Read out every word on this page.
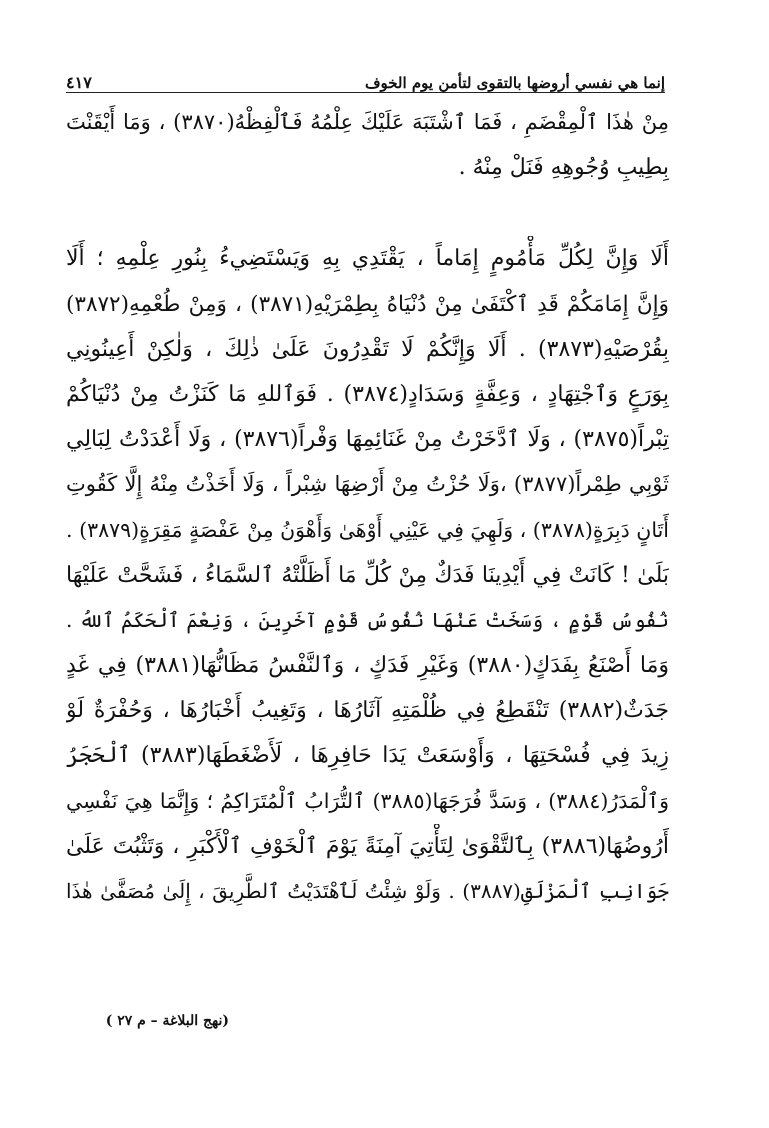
إنما هي نفسي أروضها بالتقوى لتأمن يوم الخوف
٤١٧
مِنْ هٰذَا ٱلْمِقْضَمِ ، فَمَا ٱشْتَبَهَ عَلَيْكَ عِلْمُهُ فَٱلْفِظْهُ(٣٨٧٠) ، وَمَا أَيْقَنْتَ
بِطِيبِ وُجُوهِهِ فَنَلْ مِنْهُ .
أَلَا وَإِنَّ لِكُلِّ مَأْمُومٍ إِمَاماً ، يَقْتَدِي بِهِ وَيَسْتَضِيءُ بِنُورِ عِلْمِهِ ؛ أَلَا
وَإِنَّ إِمَامَكُمْ قَدِ ٱكْتَفَىٰ مِنْ دُنْيَاهُ بِطِمْرَيْهِ(٣٨٧١) ، وَمِنْ طُعْمِهِ(٣٨٧٢)
بِقُرْصَيْهِ(٣٨٧٣) . أَلَا وَإِنَّكُمْ لَا تَقْدِرُونَ عَلَىٰ ذٰلِكَ ، وَلٰكِنْ أَعِينُونِي
بِوَرَعٍ وَٱجْتِهَادٍ ، وَعِفَّةٍ وَسَدَادٍ(٣٨٧٤) . فَوَٱللهِ مَا كَنَزْتُ مِنْ دُنْيَاكُمْ
تِبْراً(٣٨٧٥) ، وَلَا ٱدَّخَرْتُ مِنْ غَنَائِمِهَا وَفْراً(٣٨٧٦) ، وَلَا أَعْدَدْتُ لِبَالِي
ثَوْبِي طِمْراً(٣٨٧٧) ،وَلَا حُزْتُ مِنْ أَرْضِهَا شِبْراً ، وَلَا أَخَذْتُ مِنْهُ إِلَّا كَقُوتِ
أَتَانٍ دَبِرَةٍ(٣٨٧٨) ، وَلَهِيَ فِي عَيْنِي أَوْهَىٰ وَأَهْوَنُ مِنْ عَفْصَةٍ مَقِرَةٍ(٣٨٧٩) .
بَلَىٰ ! كَانَتْ فِي أَيْدِينَا فَدَكٌ مِنْ كُلِّ مَا أَظَلَّتْهُ ٱلسَّمَاءُ ، فَشَحَّتْ عَلَيْهَا
نُفُوسُ قَوْمٍ ، وَسَخَتْ عَنْهَا نُفُوسُ قَوْمٍ آخَرِينَ ، وَنِعْمَ ٱلْحَكَمُ ٱللهُ .
وَمَا أَصْنَعُ بِفَدَكٍ(٣٨٨٠) وَغَيْرِ فَدَكٍ ، وَٱلنَّفْسُ مَظَانُّهَا(٣٨٨١) فِي غَدٍ
جَدَثٌ(٣٨٨٢) تَنْقَطِعُ فِي ظُلْمَتِهِ آثَارُهَا ، وَتَغِيبُ أَخْبَارُهَا ، وَحُفْرَةٌ لَوْ
زِيدَ فِي فُسْحَتِهَا ، وَأَوْسَعَتْ يَدَا حَافِرِهَا ، لَأَضْغَطَهَا(٣٨٨٣) ٱلْحَجَرُ
وَٱلْمَدَرُ(٣٨٨٤) ، وَسَدَّ فُرَجَهَا(٣٨٨٥) ٱلتُّرَابُ ٱلْمُتَرَاكِمُ ؛ وَإِنَّمَا هِيَ نَفْسِي
أَرُوضُهَا(٣٨٨٦) بِٱلتَّقْوَىٰ لِتَأْتِيَ آمِنَةً يَوْمَ ٱلْخَوْفِ ٱلْأَكْبَرِ ، وَتَثْبُتَ عَلَىٰ
جَوَانِبِ ٱلْمَزْلَقِ(٣٨٨٧) . وَلَوْ شِئْتُ لَٱهْتَدَيْتُ ٱلطَّرِيقَ ، إِلَىٰ مُصَفَّىٰ هٰذَا
(نهج البلاغة – م ٢٧ )
